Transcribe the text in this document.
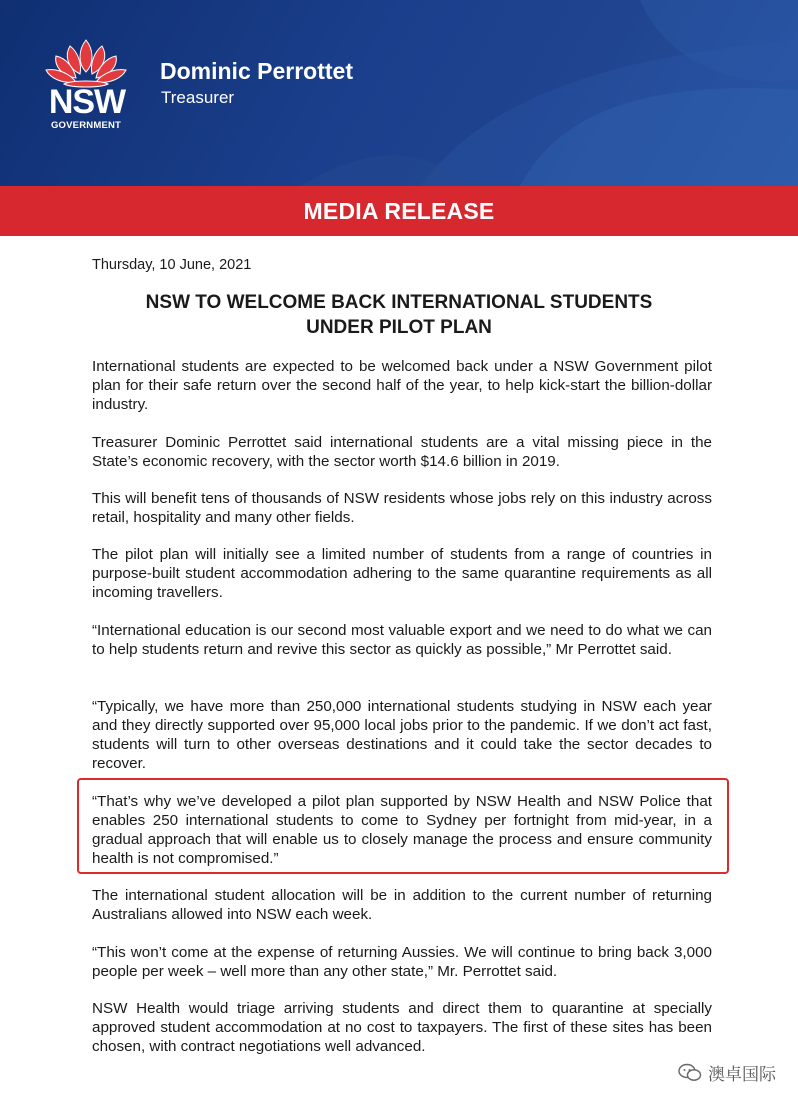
NSW
GOVERNMENT
Dominic Perrottet
Treasurer
MEDIA RELEASE
Thursday, 10 June, 2021
NSW TO WELCOME BACK INTERNATIONAL STUDENTS
UNDER PILOT PLAN

International students are expected to be welcomed back under a NSW Government pilot plan for their safe return over the second half of the year, to help kick-start the billion-dollar industry.

Treasurer Dominic Perrottet said international students are a vital missing piece in the State’s economic recovery, with the sector worth $14.6 billion in 2019.

This will benefit tens of thousands of NSW residents whose jobs rely on this industry across retail, hospitality and many other fields.

The pilot plan will initially see a limited number of students from a range of countries in purpose-built student accommodation adhering to the same quarantine requirements as all incoming travellers.

“International education is our second most valuable export and we need to do what we can to help students return and revive this sector as quickly as possible,” Mr Perrottet said.

“Typically, we have more than 250,000 international students studying in NSW each year and they directly supported over 95,000 local jobs prior to the pandemic. If we don’t act fast, students will turn to other overseas destinations and it could take the sector decades to recover.

“That’s why we’ve developed a pilot plan supported by NSW Health and NSW Police that enables 250 international students to come to Sydney per fortnight from mid-year, in a gradual approach that will enable us to closely manage the process and ensure community health is not compromised.”

The international student allocation will be in addition to the current number of returning Australians allowed into NSW each week.

“This won’t come at the expense of returning Aussies. We will continue to bring back 3,000 people per week – well more than any other state,” Mr. Perrottet said.

NSW Health would triage arriving students and direct them to quarantine at specially approved student accommodation at no cost to taxpayers. The first of these sites has been chosen, with contract negotiations well advanced.

澳卓国际
